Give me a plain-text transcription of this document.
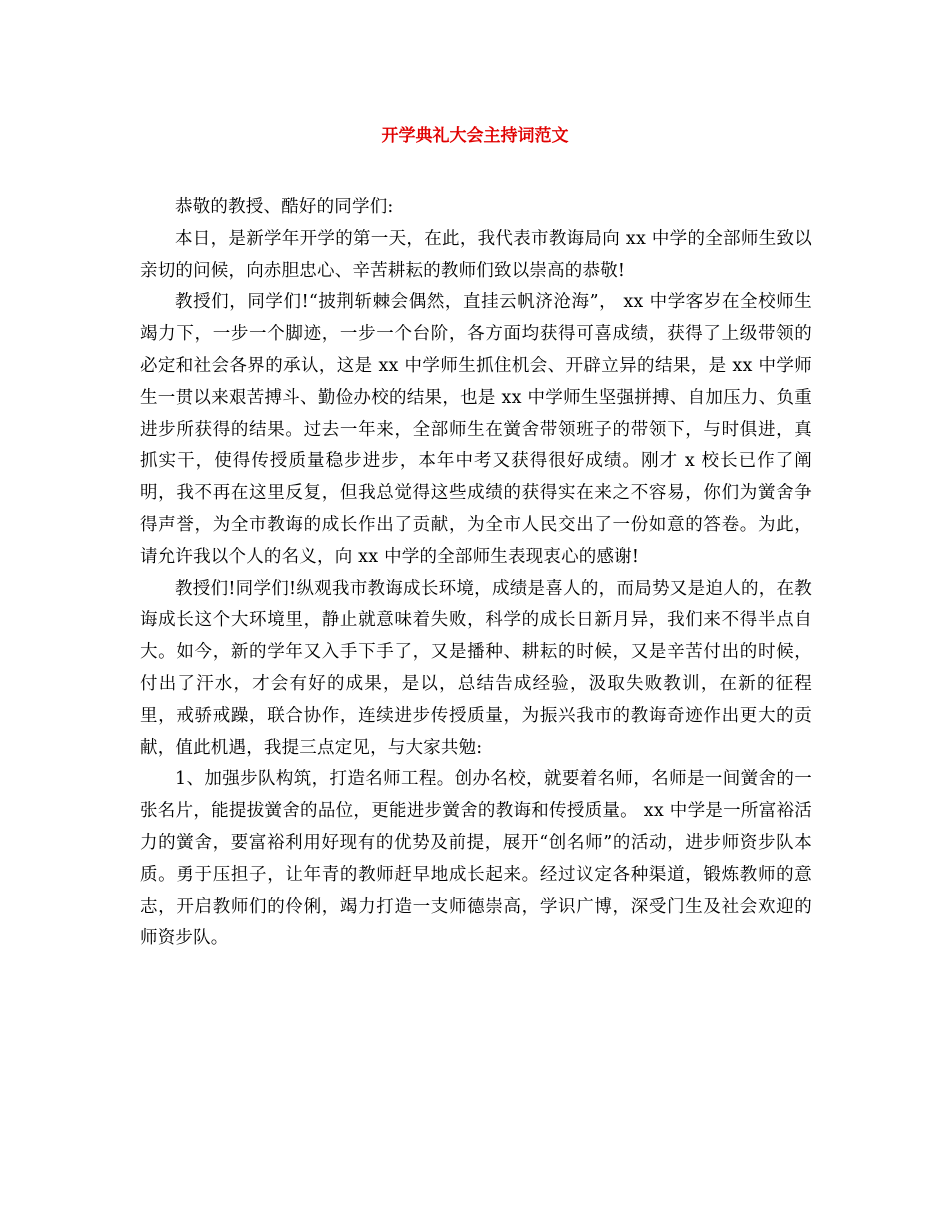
开学典礼大会主持词范文

恭敬的教授、酷好的同学们:

本日，是新学年开学的第一天，在此，我代表市教诲局向 xx 中学的全部师生致以亲切的问候，向赤胆忠心、辛苦耕耘的教师们致以崇高的恭敬!

教授们，同学们!“披荆斩棘会偶然，直挂云帆济沧海”， xx 中学客岁在全校师生竭力下，一步一个脚迹，一步一个台阶，各方面均获得可喜成绩，获得了上级带领的必定和社会各界的承认，这是 xx 中学师生抓住机会、开辟立异的结果，是 xx 中学师生一贯以来艰苦搏斗、勤俭办校的结果，也是 xx 中学师生坚强拼搏、自加压力、负重进步所获得的结果。过去一年来，全部师生在黉舍带领班子的带领下，与时俱进，真抓实干，使得传授质量稳步进步，本年中考又获得很好成绩。刚才 x 校长已作了阐明，我不再在这里反复，但我总觉得这些成绩的获得实在来之不容易，你们为黉舍争得声誉，为全市教诲的成长作出了贡献，为全市人民交出了一份如意的答卷。为此，请允许我以个人的名义，向 xx 中学的全部师生表现衷心的感谢!

教授们!同学们!纵观我市教诲成长环境，成绩是喜人的，而局势又是迫人的，在教诲成长这个大环境里，静止就意味着失败，科学的成长日新月异，我们来不得半点自大。如今，新的学年又入手下手了，又是播种、耕耘的时候，又是辛苦付出的时候，付出了汗水，才会有好的成果，是以，总结告成经验，汲取失败教训，在新的征程里，戒骄戒躁，联合协作，连续进步传授质量，为振兴我市的教诲奇迹作出更大的贡献，值此机遇，我提三点定见，与大家共勉:

1、加强步队构筑，打造名师工程。创办名校，就要着名师，名师是一间黉舍的一张名片，能提拔黉舍的品位，更能进步黉舍的教诲和传授质量。 xx 中学是一所富裕活力的黉舍，要富裕利用好现有的优势及前提，展开“创名师”的活动，进步师资步队本质。勇于压担子，让年青的教师赶早地成长起来。经过议定各种渠道，锻炼教师的意志，开启教师们的伶俐，竭力打造一支师德崇高，学识广博，深受门生及社会欢迎的师资步队。
